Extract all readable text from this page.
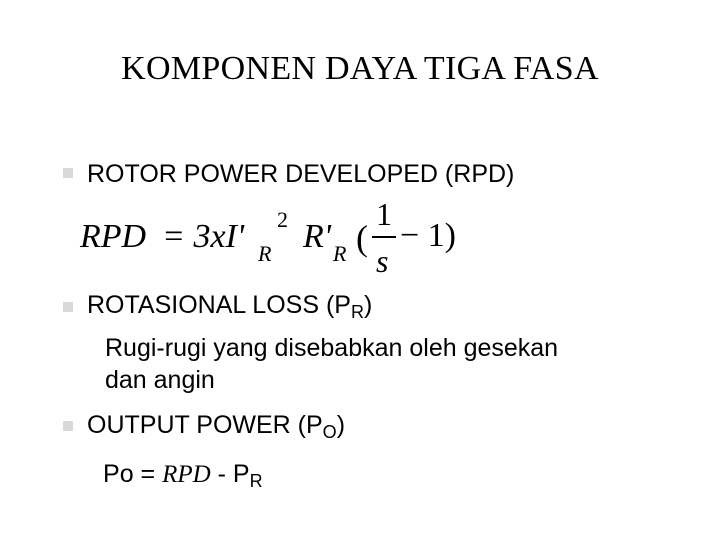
KOMPONEN DAYA TIGA FASA
ROTOR POWER DEVELOPED (RPD)
RPD = 3xI' 2
R R' R (
1
s
− 1)
ROTASIONAL LOSS $(P_R)$
Rugi-rugi yang disebabkan oleh gesekan
dan angin
OUTPUT POWER $(P_O)$
Po = RPD - $P_R$
